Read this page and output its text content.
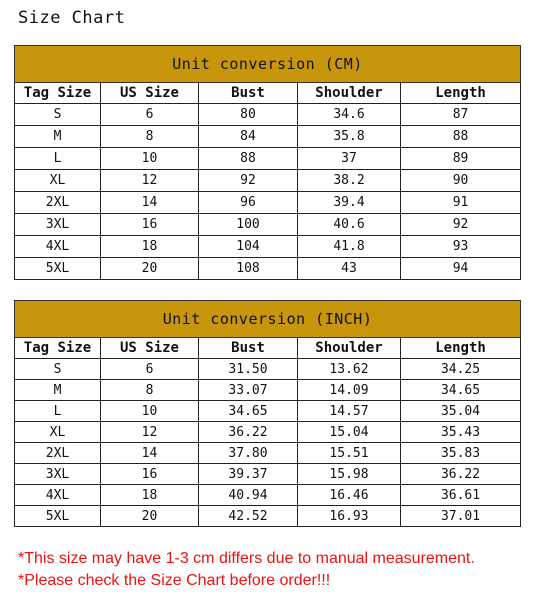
Size Chart
Unit conversion (CM)				
Tag Size	US Size	Bust	Shoulder	Length
S	6	80	34.6	87
M	8	84	35.8	88
L	10	88	37	89
XL	12	92	38.2	90
2XL	14	96	39.4	91
3XL	16	100	40.6	92
4XL	18	104	41.8	93
5XL	20	108	43	94
Unit conversion (INCH)				
Tag Size	US Size	Bust	Shoulder	Length
S	6	31.50	13.62	34.25
M	8	33.07	14.09	34.65
L	10	34.65	14.57	35.04
XL	12	36.22	15.04	35.43
2XL	14	37.80	15.51	35.83
3XL	16	39.37	15.98	36.22
4XL	18	40.94	16.46	36.61
5XL	20	42.52	16.93	37.01
*This size may have 1-3 cm differs due to manual measurement.
*Please check the Size Chart before order!!!
